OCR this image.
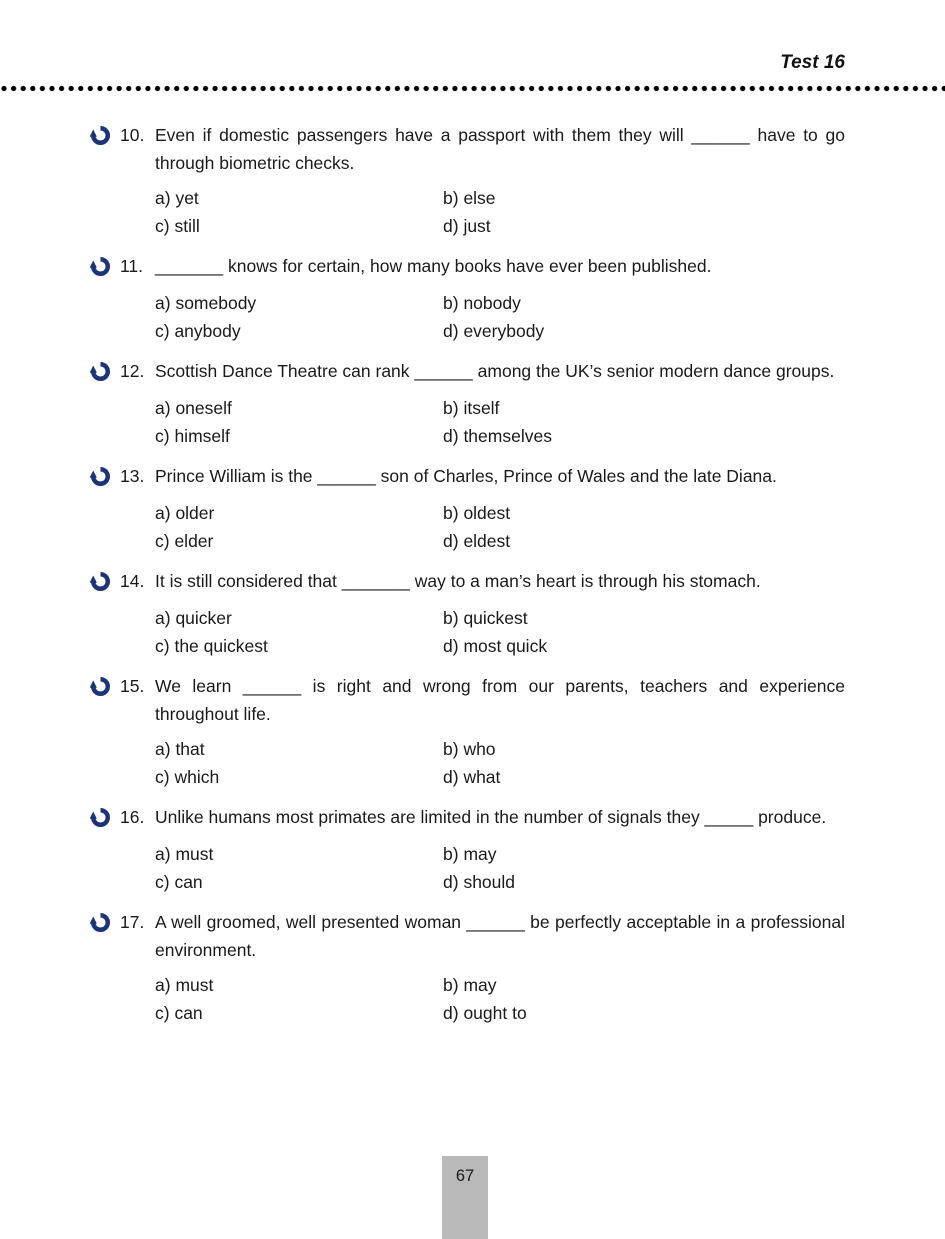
Test 16
10. Even if domestic passengers have a passport with them they will ______ have to go through biometric checks.
a) yet	b) else
c) still	d) just
11. _______ knows for certain, how many books have ever been published.
a) somebody	b) nobody
c) anybody	d) everybody
12. Scottish Dance Theatre can rank ______ among the UK’s senior modern dance groups.
a) oneself	b) itself
c) himself	d) themselves
13. Prince William is the ______ son of Charles, Prince of Wales and the late Diana.
a) older	b) oldest
c) elder	d) eldest
14. It is still considered that _______ way to a man’s heart is through his stomach.
a) quicker	b) quickest
c) the quickest	d) most quick
15. We learn ______ is right and wrong from our parents, teachers and experience throughout life.
a) that	b) who
c) which	d) what
16. Unlike humans most primates are limited in the number of signals they _____ produce.
a) must	b) may
c) can	d) should
17. A well groomed, well presented woman ______ be perfectly acceptable in a professional environment.
a) must	b) may
c) can	d) ought to
67
